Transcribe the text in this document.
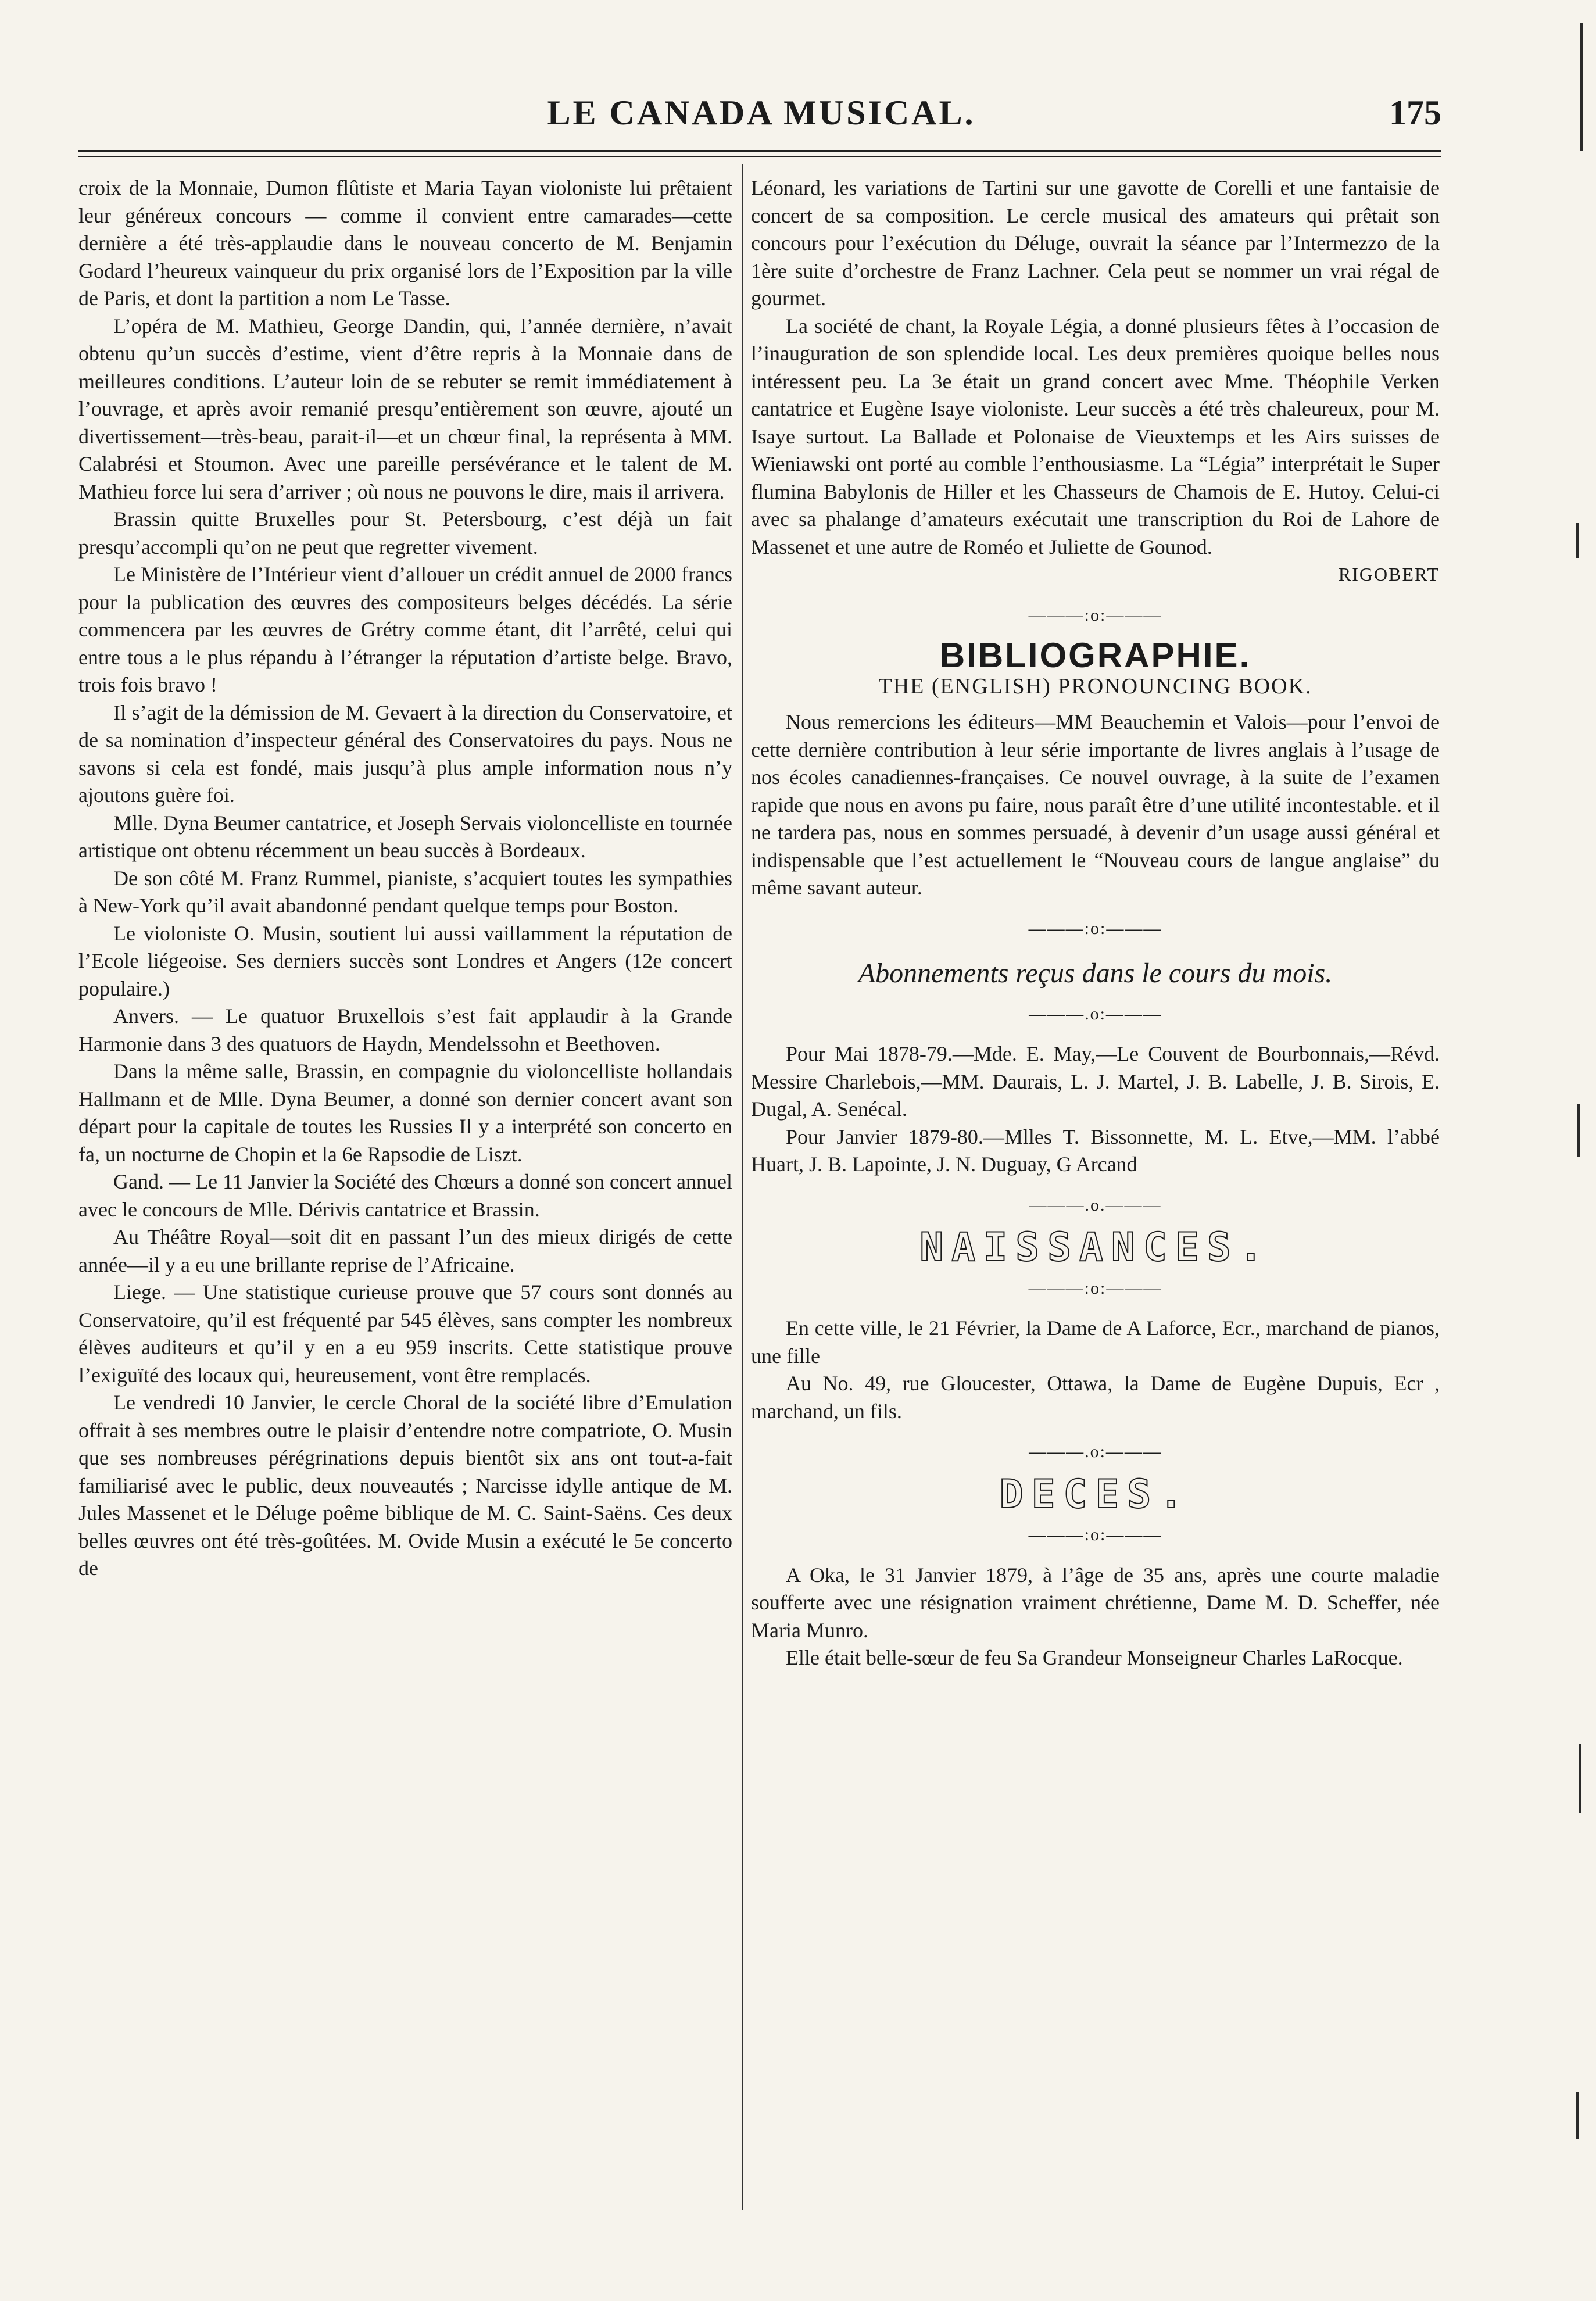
LE CANADA MUSICAL.	175

croix de la Monnaie, Dumon flûtiste et Maria Tayan violoniste lui prêtaient leur généreux concours — comme il convient entre camarades—cette dernière a été très-applaudie dans le nouveau concerto de M. Benjamin Godard l’heureux vainqueur du prix organisé lors de l’Exposition par la ville de Paris, et dont la partition a nom Le Tasse.

L’opéra de M. Mathieu, George Dandin, qui, l’année dernière, n’avait obtenu qu’un succès d’estime, vient d’être repris à la Monnaie dans de meilleures conditions. L’auteur loin de se rebuter se remit immédiatement à l’ouvrage, et après avoir remanié presqu’entièrement son œuvre, ajouté un divertissement—très-beau, parait-il—et un chœur final, la représenta à MM. Calabrési et Stoumon. Avec une pareille persévérance et le talent de M. Mathieu force lui sera d’arriver ; où nous ne pouvons le dire, mais il arrivera.

Brassin quitte Bruxelles pour St. Petersbourg, c’est déjà un fait presqu’accompli qu’on ne peut que regretter vivement.

Le Ministère de l’Intérieur vient d’allouer un crédit annuel de 2000 francs pour la publication des œuvres des compositeurs belges décédés. La série commencera par les œuvres de Grétry comme étant, dit l’arrêté, celui qui entre tous a le plus répandu à l’étranger la réputation d’artiste belge. Bravo, trois fois bravo !

Il s’agit de la démission de M. Gevaert à la direction du Conservatoire, et de sa nomination d’inspecteur général des Conservatoires du pays. Nous ne savons si cela est fondé, mais jusqu’à plus ample information nous n’y ajoutons guère foi.

Mlle. Dyna Beumer cantatrice, et Joseph Servais violoncelliste en tournée artistique ont obtenu récemment un beau succès à Bordeaux.

De son côté M. Franz Rummel, pianiste, s’acquiert toutes les sympathies à New-York qu’il avait abandonné pendant quelque temps pour Boston.

Le violoniste O. Musin, soutient lui aussi vaillamment la réputation de l’Ecole liégeoise. Ses derniers succès sont Londres et Angers (12e concert populaire.)

Anvers. — Le quatuor Bruxellois s’est fait applaudir à la Grande Harmonie dans 3 des quatuors de Haydn, Mendelssohn et Beethoven.

Dans la même salle, Brassin, en compagnie du violoncelliste hollandais Hallmann et de Mlle. Dyna Beumer, a donné son dernier concert avant son départ pour la capitale de toutes les Russies Il y a interprété son concerto en fa, un nocturne de Chopin et la 6e Rapsodie de Liszt.

Gand. — Le 11 Janvier la Société des Chœurs a donné son concert annuel avec le concours de Mlle. Dérivis cantatrice et Brassin.

Au Théâtre Royal—soit dit en passant l’un des mieux dirigés de cette année—il y a eu une brillante reprise de l’Africaine.

Liege. — Une statistique curieuse prouve que 57 cours sont donnés au Conservatoire, qu’il est fréquenté par 545 élèves, sans compter les nombreux élèves auditeurs et qu’il y en a eu 959 inscrits. Cette statistique prouve l’exiguïté des locaux qui, heureusement, vont être remplacés.

Le vendredi 10 Janvier, le cercle Choral de la société libre d’Emulation offrait à ses membres outre le plaisir d’entendre notre compatriote, O. Musin que ses nombreuses pérégrinations depuis bientôt six ans ont tout-a-fait familiarisé avec le public, deux nouveautés ; Narcisse idylle antique de M. Jules Massenet et le Déluge poême biblique de M. C. Saint-Saëns. Ces deux belles œuvres ont été très-goûtées. M. Ovide Musin a exécuté le 5e concerto de

Léonard, les variations de Tartini sur une gavotte de Corelli et une fantaisie de concert de sa composition. Le cercle musical des amateurs qui prêtait son concours pour l’exécution du Déluge, ouvrait la séance par l’Intermezzo de la 1ère suite d’orchestre de Franz Lachner. Cela peut se nommer un vrai régal de gourmet.

La société de chant, la Royale Légia, a donné plusieurs fêtes à l’occasion de l’inauguration de son splendide local. Les deux premières quoique belles nous intéressent peu. La 3e était un grand concert avec Mme. Théophile Verken cantatrice et Eugène Isaye violoniste. Leur succès a été très chaleureux, pour M. Isaye surtout. La Ballade et Polonaise de Vieuxtemps et les Airs suisses de Wieniawski ont porté au comble l’enthousiasme. La “Légia” interprétait le Super flumina Babylonis de Hiller et les Chasseurs de Chamois de E. Hutoy. Celui-ci avec sa phalange d’amateurs exécutait une transcription du Roi de Lahore de Massenet et une autre de Roméo et Juliette de Gounod.

RIGOBERT

———:o:———
BIBLIOGRAPHIE.
THE (ENGLISH) PRONOUNCING BOOK.

Nous remercions les éditeurs—MM Beauchemin et Valois—pour l’envoi de cette dernière contribution à leur série importante de livres anglais à l’usage de nos écoles canadiennes-françaises. Ce nouvel ouvrage, à la suite de l’examen rapide que nous en avons pu faire, nous paraît être d’une utilité incontestable. et il ne tardera pas, nous en sommes persuadé, à devenir d’un usage aussi général et indispensable que l’est actuellement le “Nouveau cours de langue anglaise” du même savant auteur.

———:o:———
Abonnements reçus dans le cours du mois.
———.o:———

Pour Mai 1878-79.—Mde. E. May,—Le Couvent de Bourbonnais,—Révd. Messire Charlebois,—MM. Daurais, L. J. Martel, J. B. Labelle, J. B. Sirois, E. Dugal, A. Senécal.

Pour Janvier 1879-80.—Mlles T. Bissonnette, M. L. Etve,—MM. l’abbé Huart, J. B. Lapointe, J. N. Duguay, G Arcand

———.o.———
NAISSANCES.
———:o:———

En cette ville, le 21 Février, la Dame de A Laforce, Ecr., marchand de pianos, une fille

Au No. 49, rue Gloucester, Ottawa, la Dame de Eugène Dupuis, Ecr , marchand, un fils.

———.o:———
DECES.
———:o:———

A Oka, le 31 Janvier 1879, à l’âge de 35 ans, après une courte maladie soufferte avec une résignation vraiment chrétienne, Dame M. D. Scheffer, née Maria Munro.

Elle était belle-sœur de feu Sa Grandeur Monseigneur Charles LaRocque.
